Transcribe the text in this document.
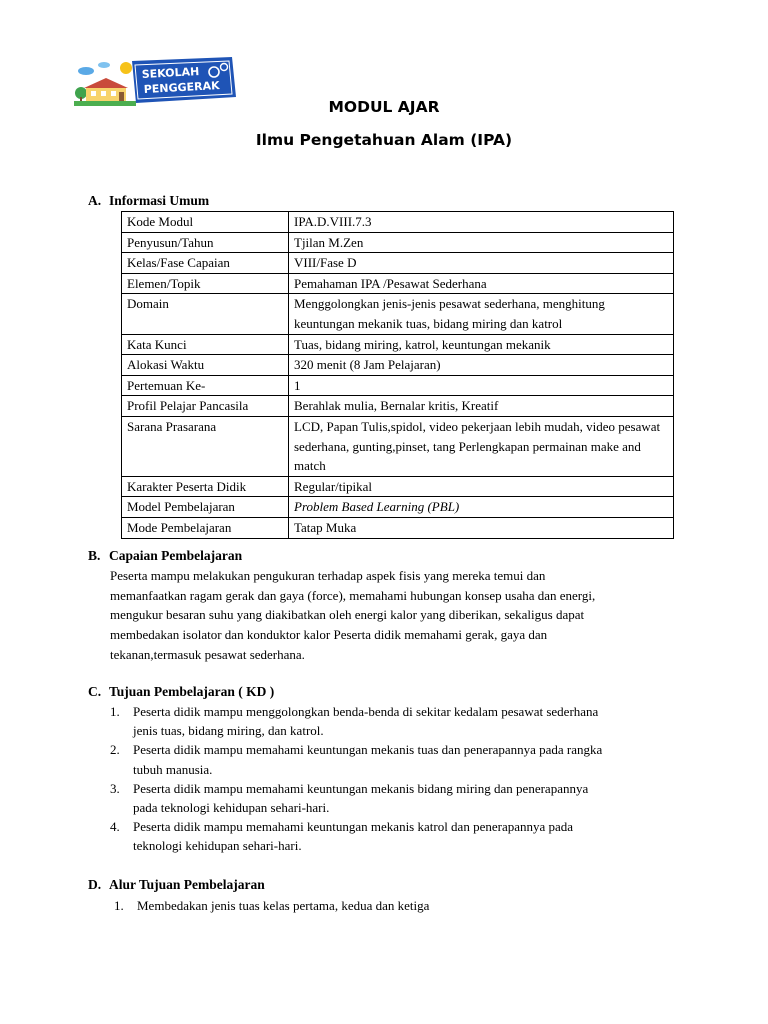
SEKOLAH
PENGGERAK
MODUL AJAR
Ilmu Pengetahuan Alam (IPA)
A. Informasi Umum
Kode Modul	IPA.D.VIII.7.3
Penyusun/Tahun	Tjilan M.Zen
Kelas/Fase Capaian	VIII/Fase D
Elemen/Topik	Pemahaman IPA /Pesawat Sederhana
Domain	Menggolongkan jenis-jenis pesawat sederhana, menghitung keuntungan mekanik tuas, bidang miring dan katrol
Kata Kunci	Tuas, bidang miring, katrol, keuntungan mekanik
Alokasi Waktu	320 menit (8 Jam Pelajaran)
Pertemuan Ke-	1
Profil Pelajar Pancasila	Berahlak mulia, Bernalar kritis, Kreatif
Sarana Prasarana	LCD, Papan Tulis,spidol, video pekerjaan lebih mudah, video pesawat sederhana, gunting,pinset, tang Perlengkapan permainan make and match
Karakter Peserta Didik	Regular/tipikal
Model Pembelajaran	Problem Based Learning (PBL)
Mode Pembelajaran	Tatap Muka
B. Capaian Pembelajaran
Peserta mampu melakukan pengukuran terhadap aspek fisis yang mereka temui dan
memanfaatkan ragam gerak dan gaya (force), memahami hubungan konsep usaha dan energi,
mengukur besaran suhu yang diakibatkan oleh energi kalor yang diberikan, sekaligus dapat
membedakan isolator dan konduktor kalor Peserta didik memahami gerak, gaya dan
tekanan,termasuk pesawat sederhana.
C. Tujuan Pembelajaran ( KD )
1. Peserta didik mampu menggolongkan benda-benda di sekitar kedalam pesawat sederhana
jenis tuas, bidang miring, dan katrol.
2. Peserta didik mampu memahami keuntungan mekanis tuas dan penerapannya pada rangka
tubuh manusia.
3. Peserta didik mampu memahami keuntungan mekanis bidang miring dan penerapannya
pada teknologi kehidupan sehari-hari.
4. Peserta didik mampu memahami keuntungan mekanis katrol dan penerapannya pada
teknologi kehidupan sehari-hari.
D. Alur Tujuan Pembelajaran
1. Membedakan jenis tuas kelas pertama, kedua dan ketiga
